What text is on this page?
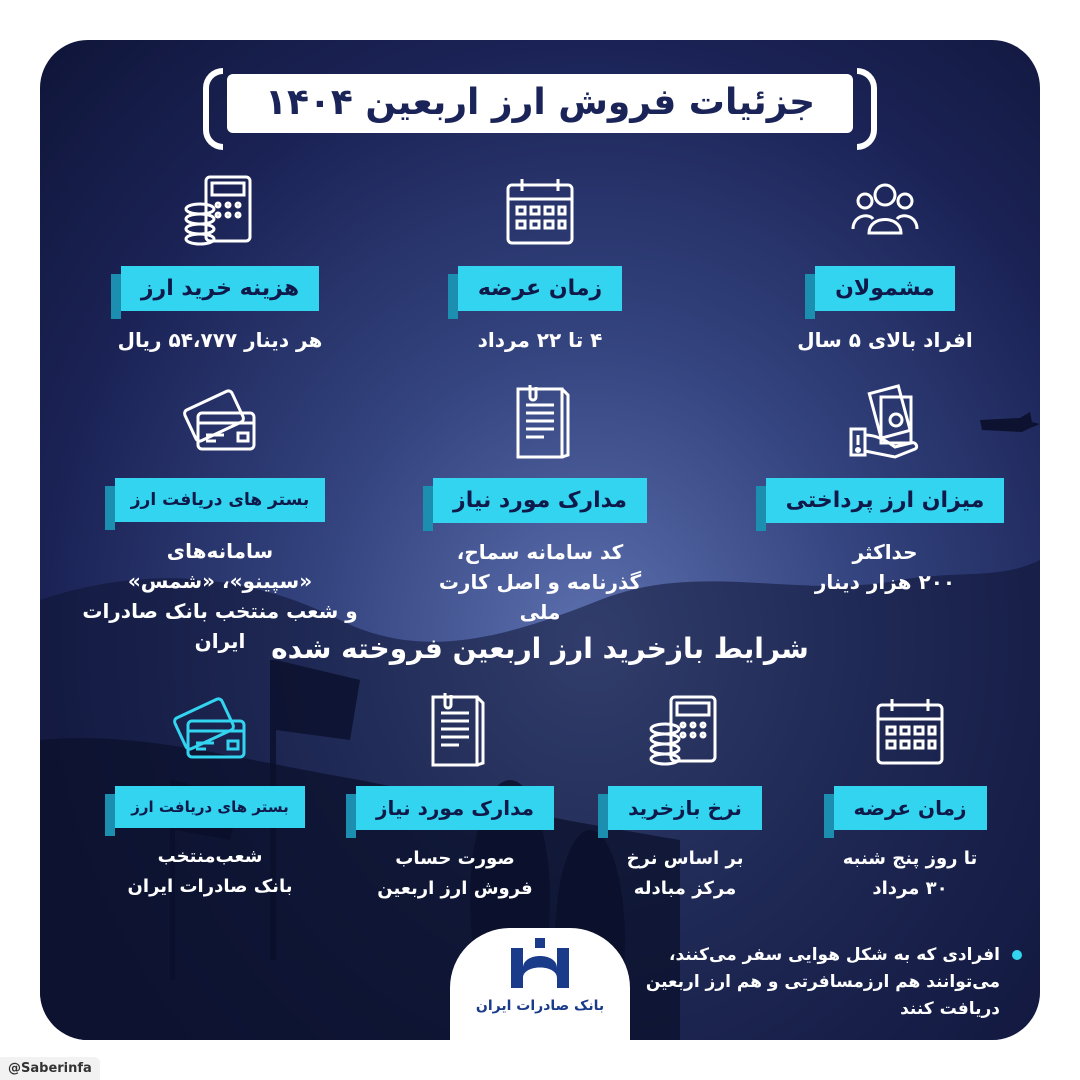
جزئیات فروش ارز اربعین ۱۴۰۴
مشمولان
افراد بالای ۵ سال
زمان عرضه
۴ تا ۲۲ مرداد
هزینه خرید ارز
هر دینار ۵۴،۷۷۷ ریال
میزان ارز پرداختی
حداکثر
۲۰۰ هزار دینار
مدارک مورد نیاز
کد سامانه سماح،
گذرنامه و اصل کارت ملی
بستر های دریافت ارز
سامانه‌های
«سپینو»، «شمس»
و شعب منتخب بانک صادرات ایران شرایط بازخرید ارز اربعین فروخته شده
زمان عرضه
تا روز پنج شنبه
۳۰ مرداد
نرخ بازخرید
بر اساس نرخ
مرکز مبادله
مدارک مورد نیاز
صورت حساب
فروش ارز اربعین
بستر های دریافت ارز
شعب‌منتخب
بانک صادرات ایران
افرادی که به شکل هوایی سفر می‌کنند، می‌توانند هم ارزمسافرتی و هم ارز اربعین دریافت کنند
بانک صادرات ایران
@Saberinfa
